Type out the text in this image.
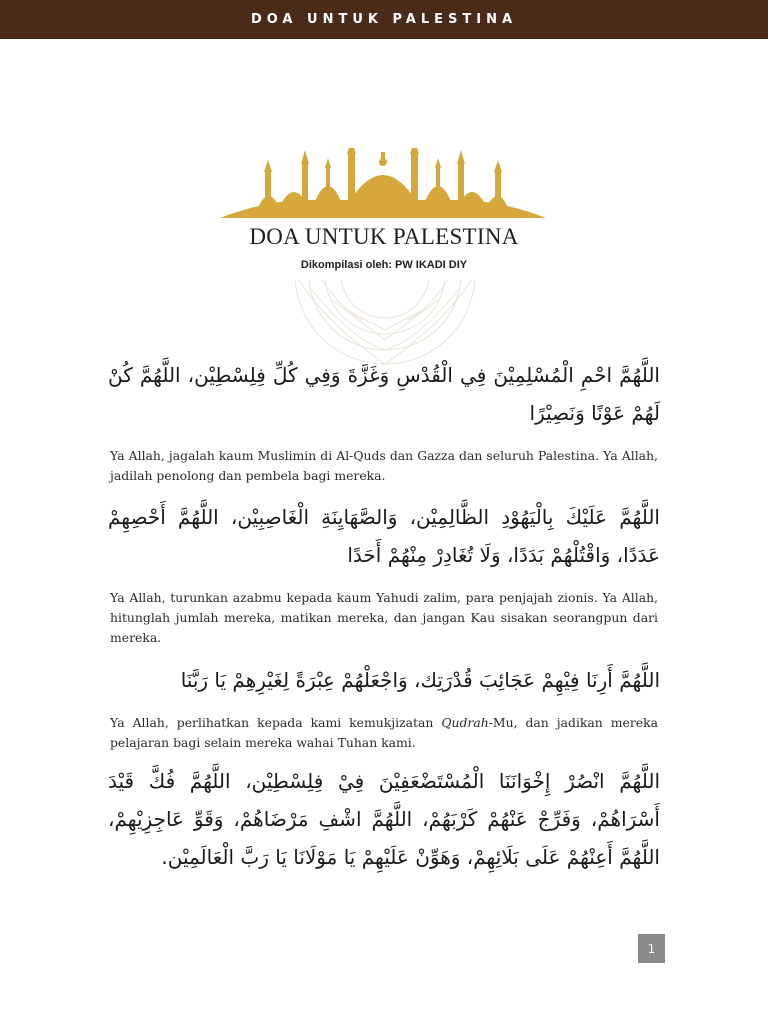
DOA UNTUK PALESTINA
DOA UNTUK PALESTINA
Dikompilasi oleh: PW IKADI DIY
اللَّهُمَّ احْمِ الْمُسْلِمِيْنَ فِي الْقُدْسِ وَغَزَّةَ وَفِي كُلِّ فِلِسْطِيْن، اللَّهُمَّ كُنْ لَهُمْ عَوْنًا وَنَصِيْرًا
Ya Allah, jagalah kaum Muslimin di Al-Quds dan Gazza dan seluruh Palestina. Ya Allah, jadilah penolong dan pembela bagi mereka.
اللَّهُمَّ عَلَيْكَ بِالْيَهُوْدِ الظَّالِمِيْن، وَالصَّهَايِنَةِ الْغَاصِبِيْن، اللَّهُمَّ أَحْصِهِمْ عَدَدًا، وَاقْتُلْهُمْ بَدَدًا، وَلَا تُغَادِرْ مِنْهُمْ أَحَدًا
Ya Allah, turunkan azabmu kepada kaum Yahudi zalim, para penjajah zionis. Ya Allah, hitunglah jumlah mereka, matikan mereka, dan jangan Kau sisakan seorangpun dari mereka.
اللَّهُمَّ أَرِنَا فِيْهِمْ عَجَائِبَ قُدْرَتِك، وَاجْعَلْهُمْ عِبْرَةً لِغَيْرِهِمْ يَا رَبَّنَا
Ya Allah, perlihatkan kepada kami kemukjizatan Qudrah-Mu, dan jadikan mereka pelajaran bagi selain mereka wahai Tuhan kami.
اللَّهُمَّ انْصُرْ إِخْوَانَنَا الْمُسْتَضْعَفِيْنَ فِيْ فِلِسْطِيْن، اللَّهُمَّ فُكَّ قَيْدَ أَسْرَاهُمْ، وَفَرِّجْ عَنْهُمْ كَرْبَهُمْ، اللَّهُمَّ اشْفِ مَرْضَاهُمْ، وَقَوِّ عَاجِزِيْهِمْ، اللَّهُمَّ أَعِنْهُمْ عَلَى بَلَائِهِمْ، وَهَوِّنْ عَلَيْهِمْ يَا مَوْلَانَا يَا رَبَّ الْعَالَمِيْن.
1
